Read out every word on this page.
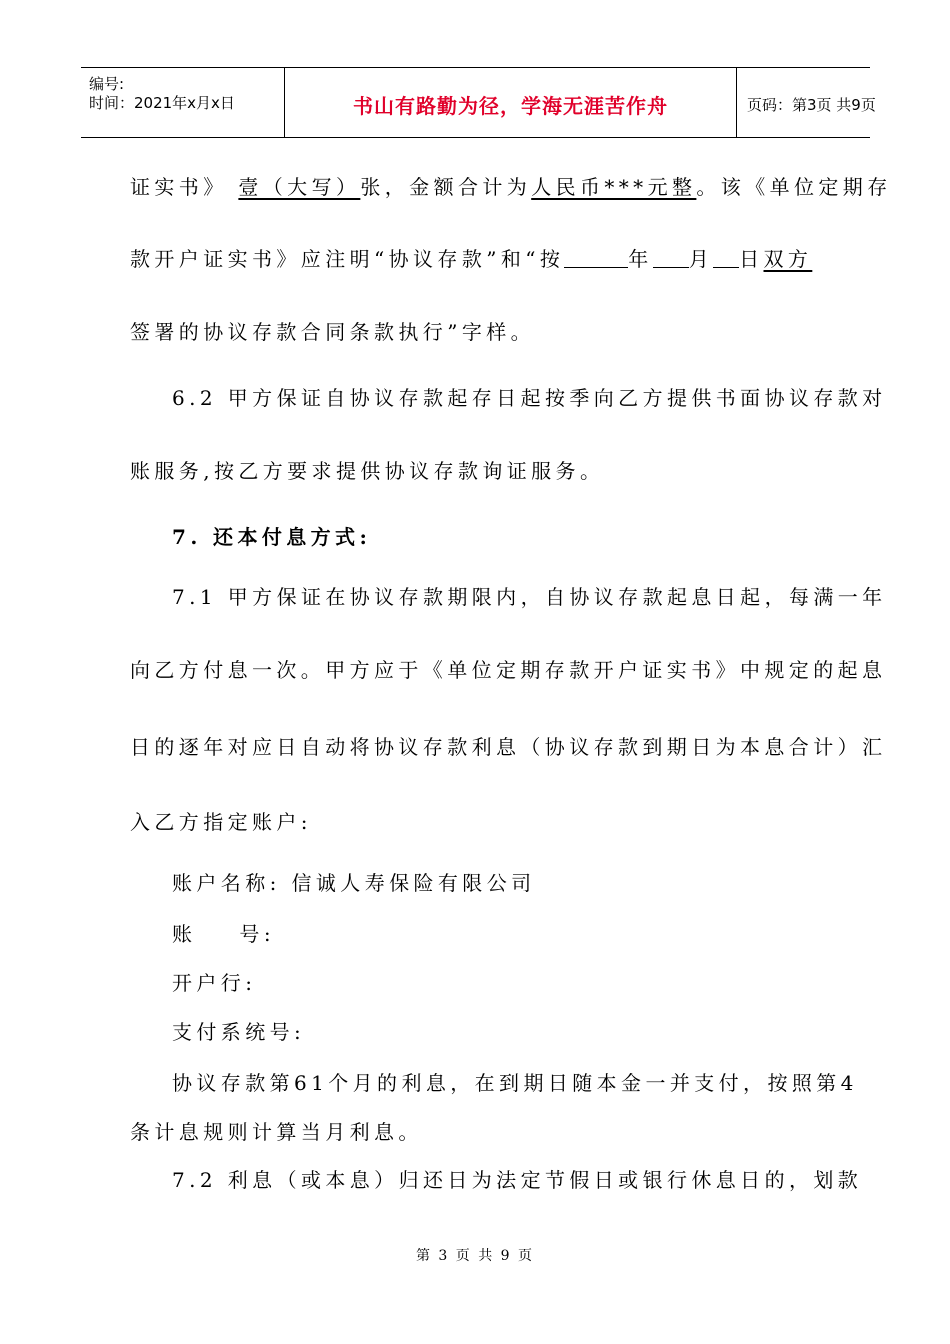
编号:
时间：2021年x月x日	书山有路勤为径，学海无涯苦作舟	页码：第3页 共9页
证实书》 壹（大写）张，金额合计为人民币***元整。该《单位定期存
款开户证实书》应注明“协议存款”和“按	年 月 日双方
签署的协议存款合同条款执行”字样。
6.2 甲方保证自协议存款起存日起按季向乙方提供书面协议存款对
账服务,按乙方要求提供协议存款询证服务。
7. 还本付息方式:
7.1 甲方保证在协议存款期限内，自协议存款起息日起，每满一年
向乙方付息一次。甲方应于《单位定期存款开户证实书》中规定的起息
日的逐年对应日自动将协议存款利息（协议存款到期日为本息合计）汇
入乙方指定账户:
账户名称: 信诚人寿保险有限公司
账    号:
开户行:
支付系统号:
协议存款第61个月的利息，在到期日随本金一并支付，按照第4
条计息规则计算当月利息。
7.2 利息（或本息）归还日为法定节假日或银行休息日的，划款
第 3 页 共 9 页
